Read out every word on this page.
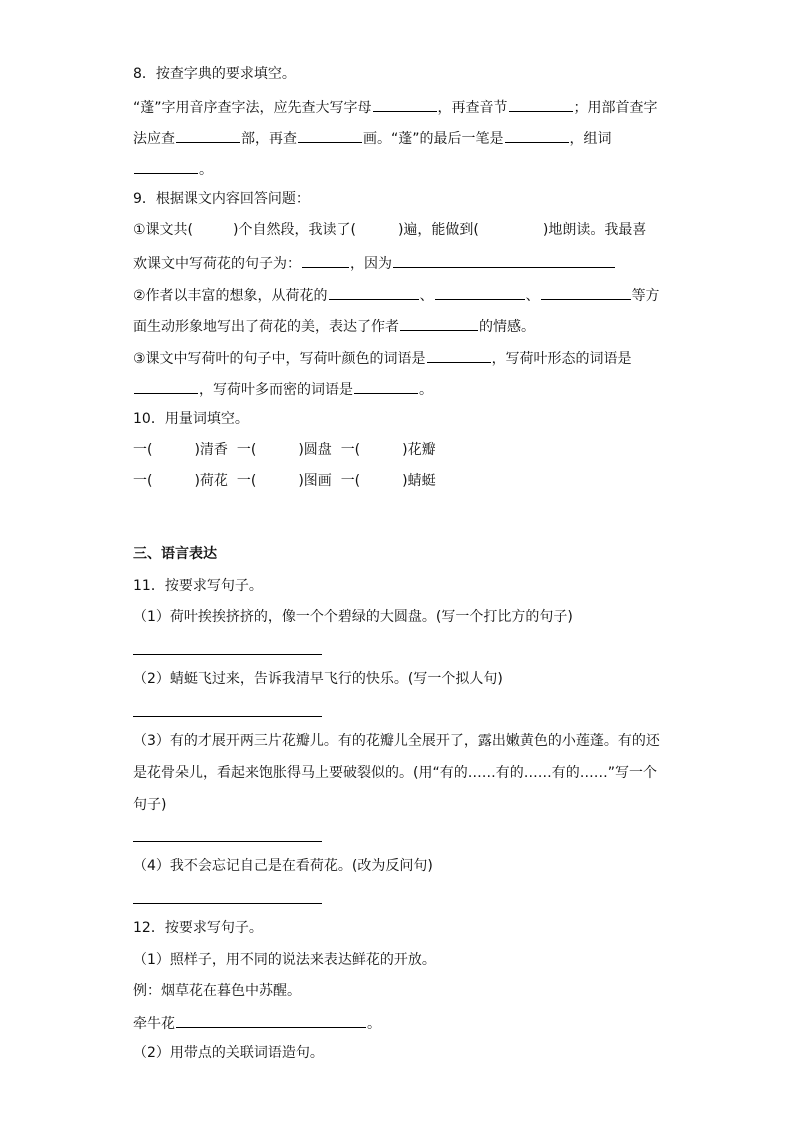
8．按查字典的要求填空。
“蓬”字用音序查字法，应先查大写字母	，再查音节	；用部首查字
法应查	部，再查	画。“蓬”的最后一笔是	，组词
。
9．根据课文内容回答问题：
①课文共(	)个自然段，我读了(	)遍，能做到(	)地朗读。我最喜
欢课文中写荷花的句子为：	，因为
②作者以丰富的想象，从荷花的	、	、	等方
面生动形象地写出了荷花的美，表达了作者	的情感。
③课文中写荷叶的句子中，写荷叶颜色的词语是	，写荷叶形态的词语是
，写荷叶多而密的词语是	。
10．用量词填空。
一(	)清香 一(	)圆盘 一(	)花瓣
一(	)荷花 一(	)图画 一(	)蜻蜓
三、语言表达
11．按要求写句子。
（1）荷叶挨挨挤挤的，像一个个碧绿的大圆盘。(写一个打比方的句子)
（2）蜻蜓飞过来，告诉我清早飞行的快乐。(写一个拟人句)
（3）有的才展开两三片花瓣儿。有的花瓣儿全展开了，露出嫩黄色的小莲蓬。有的还
是花骨朵儿，看起来饱胀得马上要破裂似的。(用“有的……有的……有的……”写一个
句子)
（4）我不会忘记自己是在看荷花。(改为反问句)
12．按要求写句子。
（1）照样子，用不同的说法来表达鲜花的开放。
例：烟草花在暮色中苏醒。
牵牛花	。
（2）用带点的关联词语造句。
